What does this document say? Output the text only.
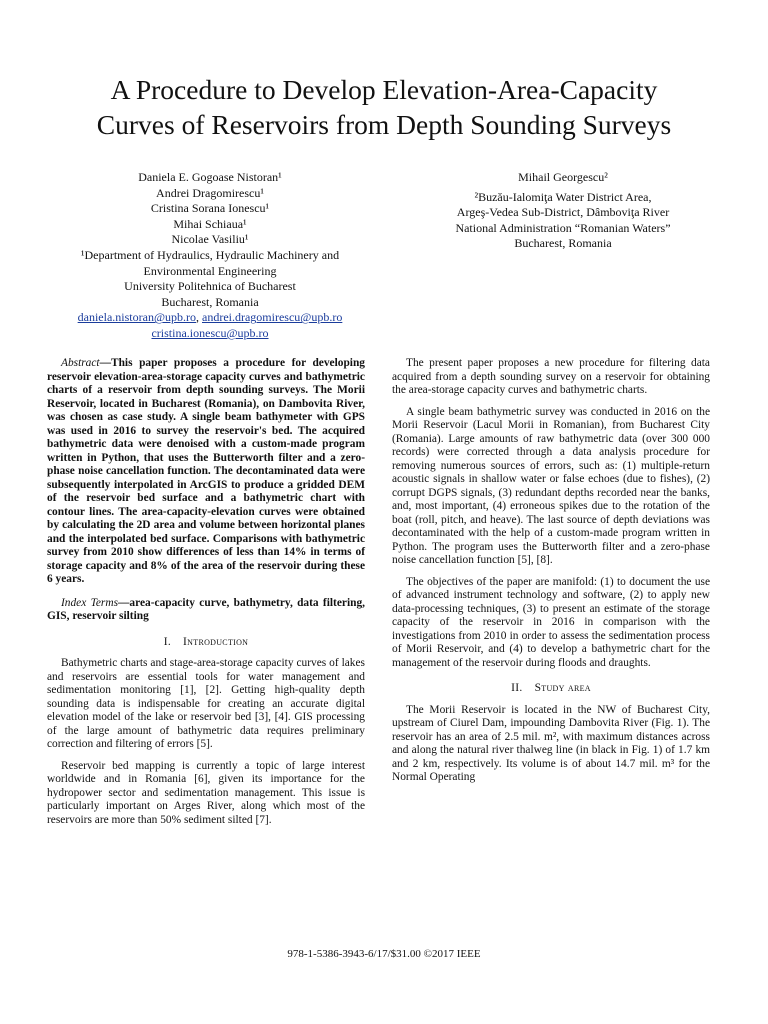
A Procedure to Develop Elevation-Area-Capacity
Curves of Reservoirs from Depth Sounding Surveys
Daniela E. Gogoase Nistoran¹
Andrei Dragomirescu¹
Cristina Sorana Ionescu¹
Mihai Schiaua¹
Nicolae Vasiliu¹
¹Department of Hydraulics, Hydraulic Machinery and
Environmental Engineering
University Politehnica of Bucharest
Bucharest, Romania
daniela.nistoran@upb.ro, andrei.dragomirescu@upb.ro
cristina.ionescu@upb.ro
Mihail Georgescu²
²Buzău-Ialomiţa Water District Area,
Argeş-Vedea Sub-District, Dâmboviţa River
National Administration “Romanian Waters”
Bucharest, Romania

Abstract—This paper proposes a procedure for developing reservoir elevation-area-storage capacity curves and bathymetric charts of a reservoir from depth sounding surveys. The Morii Reservoir, located in Bucharest (Romania), on Dambovita River, was chosen as case study. A single beam bathymeter with GPS was used in 2016 to survey the reservoir's bed. The acquired bathymetric data were denoised with a custom-made program written in Python, that uses the Butterworth filter and a zero-phase noise cancellation function. The decontaminated data were subsequently interpolated in ArcGIS to produce a gridded DEM of the reservoir bed surface and a bathymetric chart with contour lines. The area-capacity-elevation curves were obtained by calculating the 2D area and volume between horizontal planes and the interpolated bed surface. Comparisons with bathymetric survey from 2010 show differences of less than 14% in terms of storage capacity and 8% of the area of the reservoir during these 6 years.

Index Terms—area-capacity curve, bathymetry, data filtering, GIS, reservoir silting

I. Introduction

Bathymetric charts and stage-area-storage capacity curves of lakes and reservoirs are essential tools for water management and sedimentation monitoring [1], [2]. Getting high-quality depth sounding data is indispensable for creating an accurate digital elevation model of the lake or reservoir bed [3], [4]. GIS processing of the large amount of bathymetric data requires preliminary correction and filtering of errors [5].

Reservoir bed mapping is currently a topic of large interest worldwide and in Romania [6], given its importance for the hydropower sector and sedimentation management. This issue is particularly important on Arges River, along which most of the reservoirs are more than 50% sediment silted [7].

The present paper proposes a new procedure for filtering data acquired from a depth sounding survey on a reservoir for obtaining the area-storage capacity curves and bathymetric charts.

A single beam bathymetric survey was conducted in 2016 on the Morii Reservoir (Lacul Morii in Romanian), from Bucharest City (Romania). Large amounts of raw bathymetric data (over 300 000 records) were corrected through a data analysis procedure for removing numerous sources of errors, such as: (1) multiple-return acoustic signals in shallow water or false echoes (due to fishes), (2) corrupt DGPS signals, (3) redundant depths recorded near the banks, and, most important, (4) erroneous spikes due to the rotation of the boat (roll, pitch, and heave). The last source of depth deviations was decontaminated with the help of a custom-made program written in Python. The program uses the Butterworth filter and a zero-phase noise cancellation function [5], [8].

The objectives of the paper are manifold: (1) to document the use of advanced instrument technology and software, (2) to apply new data-processing techniques, (3) to present an estimate of the storage capacity of the reservoir in 2016 in comparison with the investigations from 2010 in order to assess the sedimentation process of Morii Reservoir, and (4) to develop a bathymetric chart for the management of the reservoir during floods and draughts.

II. Study area

The Morii Reservoir is located in the NW of Bucharest City, upstream of Ciurel Dam, impounding Dambovita River (Fig. 1). The reservoir has an area of 2.5 mil. m², with maximum distances across and along the natural river thalweg line (in black in Fig. 1) of 1.7 km and 2 km, respectively. Its volume is of about 14.7 mil. m³ for the Normal Operating

978-1-5386-3943-6/17/$31.00 ©2017 IEEE
